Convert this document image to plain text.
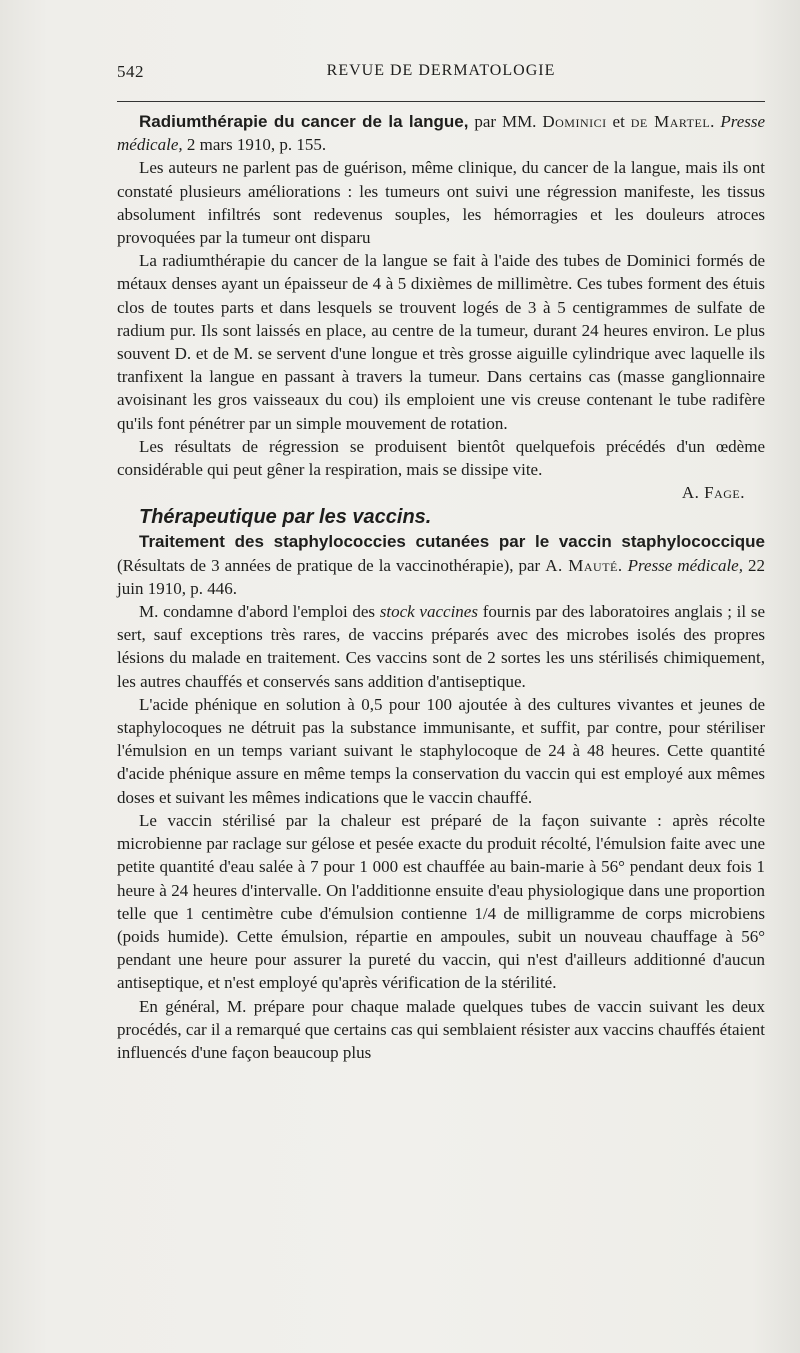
542	REVUE DE DERMATOLOGIE

Radiumthérapie du cancer de la langue, par MM. Dominici et de Martel. Presse médicale, 2 mars 1910, p. 155.

Les auteurs ne parlent pas de guérison, même clinique, du cancer de la langue, mais ils ont constaté plusieurs améliorations : les tumeurs ont suivi une régression manifeste, les tissus absolument infiltrés sont redevenus souples, les hémorragies et les douleurs atroces provoquées par la tumeur ont disparu

La radiumthérapie du cancer de la langue se fait à l'aide des tubes de Dominici formés de métaux denses ayant un épaisseur de 4 à 5 dixièmes de millimètre. Ces tubes forment des étuis clos de toutes parts et dans lesquels se trouvent logés de 3 à 5 centigrammes de sulfate de radium pur. Ils sont laissés en place, au centre de la tumeur, durant 24 heures environ. Le plus souvent D. et de M. se servent d'une longue et très grosse aiguille cylindrique avec laquelle ils tranfixent la langue en passant à travers la tumeur. Dans certains cas (masse ganglionnaire avoisinant les gros vaisseaux du cou) ils emploient une vis creuse contenant le tube radifère qu'ils font pénétrer par un simple mouvement de rotation.

Les résultats de régression se produisent bientôt quelquefois précédés d'un œdème considérable qui peut gêner la respiration, mais se dissipe vite.

A. Fage.

Thérapeutique par les vaccins.

Traitement des staphylococcies cutanées par le vaccin staphylococcique (Résultats de 3 années de pratique de la vaccinothérapie), par A. Mauté. Presse médicale, 22 juin 1910, p. 446.

M. condamne d'abord l'emploi des stock vaccines fournis par des laboratoires anglais ; il se sert, sauf exceptions très rares, de vaccins préparés avec des microbes isolés des propres lésions du malade en traitement. Ces vaccins sont de 2 sortes les uns stérilisés chimiquement, les autres chauffés et conservés sans addition d'antiseptique.

L'acide phénique en solution à 0,5 pour 100 ajoutée à des cultures vivantes et jeunes de staphylocoques ne détruit pas la substance immunisante, et suffit, par contre, pour stériliser l'émulsion en un temps variant suivant le staphylocoque de 24 à 48 heures. Cette quantité d'acide phénique assure en même temps la conservation du vaccin qui est employé aux mêmes doses et suivant les mêmes indications que le vaccin chauffé.

Le vaccin stérilisé par la chaleur est préparé de la façon suivante : après récolte microbienne par raclage sur gélose et pesée exacte du produit récolté, l'émulsion faite avec une petite quantité d'eau salée à 7 pour 1 000 est chauffée au bain-marie à 56° pendant deux fois 1 heure à 24 heures d'intervalle. On l'additionne ensuite d'eau physiologique dans une proportion telle que 1 centimètre cube d'émulsion contienne 1/4 de milligramme de corps microbiens (poids humide). Cette émulsion, répartie en ampoules, subit un nouveau chauffage à 56° pendant une heure pour assurer la pureté du vaccin, qui n'est d'ailleurs additionné d'aucun antiseptique, et n'est employé qu'après vérification de la stérilité.

En général, M. prépare pour chaque malade quelques tubes de vaccin suivant les deux procédés, car il a remarqué que certains cas qui semblaient résister aux vaccins chauffés étaient influencés d'une façon beaucoup plus
